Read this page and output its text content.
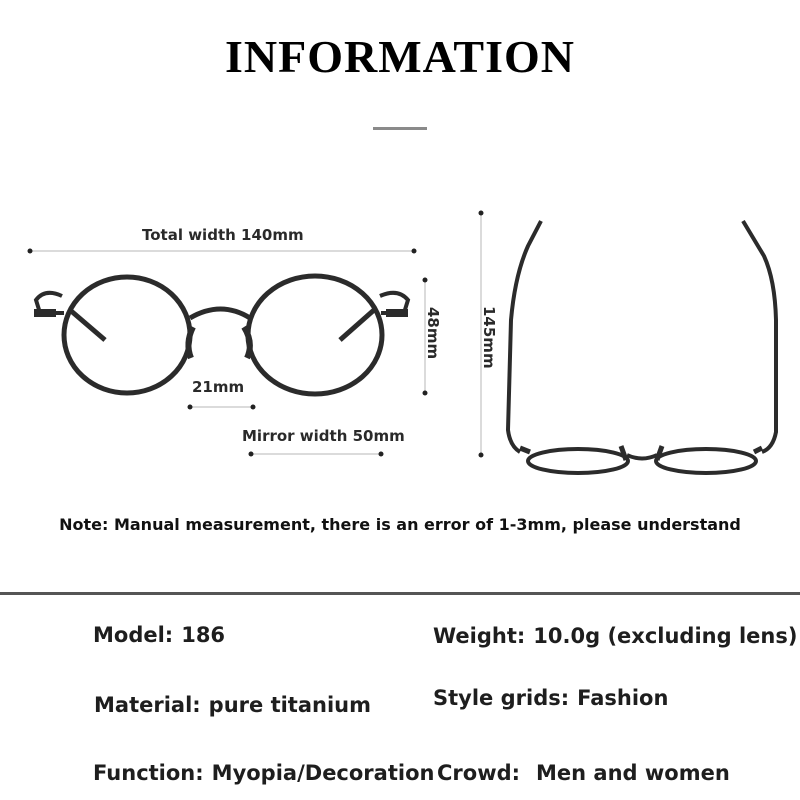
INFORMATION
Total width 140mm
21mm
Mirror width 50mm
48mm	145mm
Note: Manual measurement, there is an error of 1-3mm, please understand
Model: 186	Weight: 10.0g (excluding lens)
Material: pure titanium	Style grids: Fashion
Function: Myopia/Decoration Crowd: Men and women
